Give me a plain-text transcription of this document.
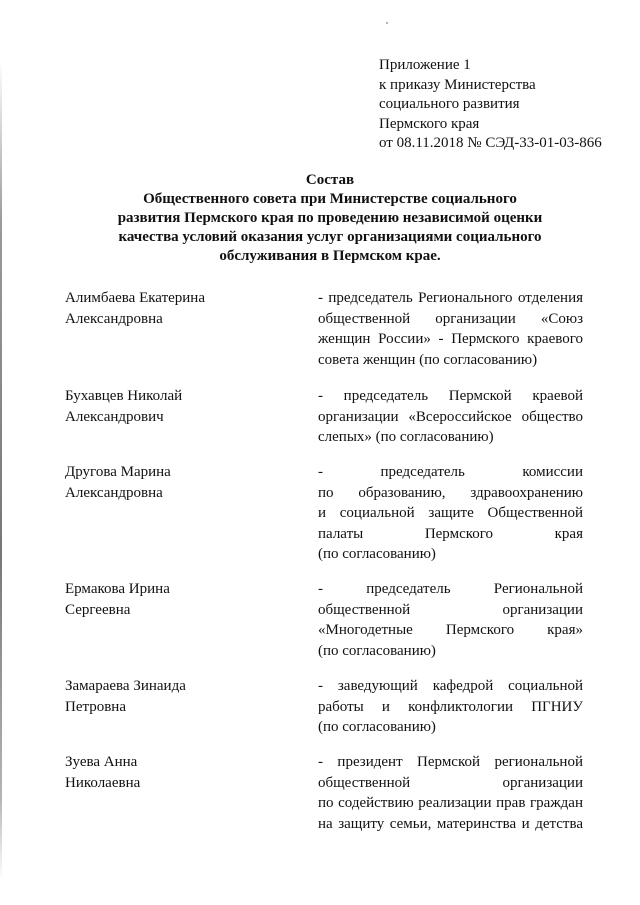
Приложение 1
к приказу Министерства
социального развития
Пермского края
от 08.11.2018 № СЭД-33-01-03-866
Состав
Общественного совета при Министерстве социального
развития Пермского края по проведению независимой оценки
качества условий оказания услуг организациями социального
обслуживания в Пермском крае.
Алимбаева Екатерина
Александровна
- председатель Регионального отделения
общественной организации «Союз
женщин России» - Пермского краевого
совета женщин (по согласованию)
Бухавцев Николай
Александрович
- председатель Пермской краевой
организации «Всероссийское общество
слепых» (по согласованию)
Другова Марина
Александровна
- председатель комиссии
по образованию, здравоохранению
и социальной защите Общественной
палаты Пермского края
(по согласованию)
Ермакова Ирина
Сергеевна
- председатель Региональной
общественной организации
«Многодетные Пермского края»
(по согласованию)
Замараева Зинаида
Петровна
- заведующий кафедрой социальной
работы и конфликтологии ПГНИУ
(по согласованию)
Зуева Анна
Николаевна
- президент Пермской региональной
общественной организации
по содействию реализации прав граждан
на защиту семьи, материнства и детства
